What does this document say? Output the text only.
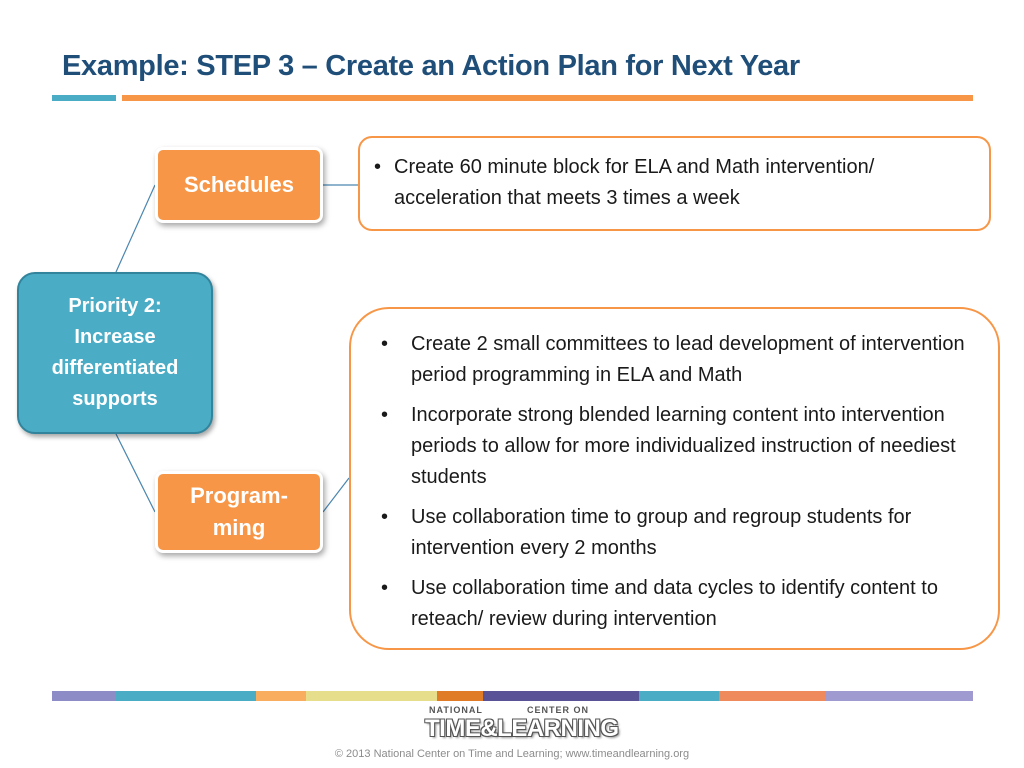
Example: STEP 3 – Create an Action Plan for Next Year
Priority 2:
Increase
differentiated
supports
Schedules
Program-
ming
• Create 60 minute block for ELA and Math intervention/ acceleration that meets 3 times a week
• Create 2 small committees to lead development of intervention period programming in ELA and Math
• Incorporate strong blended learning content into intervention periods to allow for more individualized instruction of neediest students
• Use collaboration time to group and regroup students for intervention every 2 months
• Use collaboration time and data cycles to identify content to reteach/ review during intervention
NATIONAL	CENTER ON
TIME&LEARNING
© 2013 National Center on Time and Learning; www.timeandlearning.org
